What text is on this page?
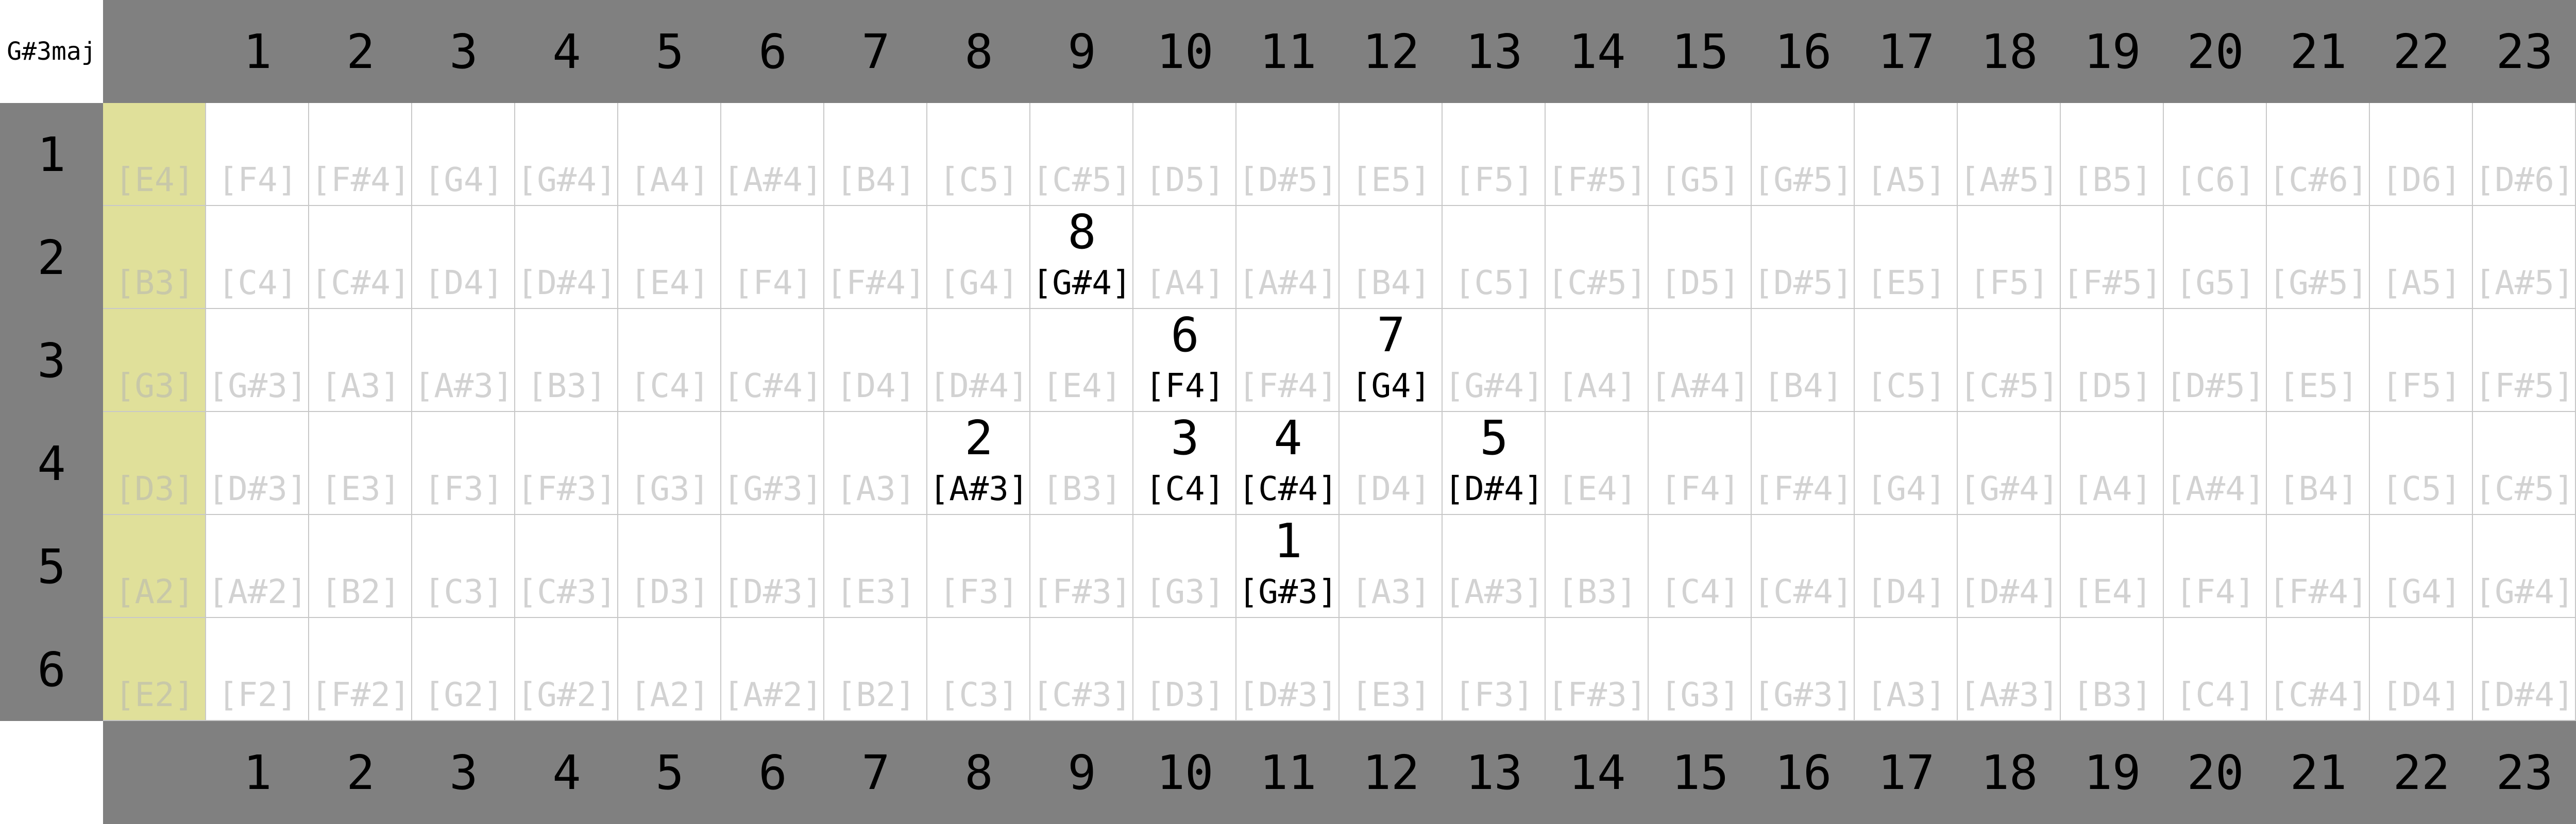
G#3maj	1
1
2
2
3
3
4
4
5
5
6
6
7
7
8
8
9
9
10
10
11
11
12
12
13
13
14
14
15
15
16
16
17
17
18
18
19
19
20
20
21
21
22
22
23
23
1
2
3
4
5
6
[E4] [F4] [F#4] [G4] [G#4] [A4] [A#4] [B4] [C5] [C#5] [D5] [D#5] [E5] [F5] [F#5] [G5] [G#5] [A5] [A#5] [B5] [C6] [C#6] [D6] [D#6]
[B3] [C4] [C#4] [D4] [D#4] [E4] [F4] [F#4] [G4] [G#4]
8
[A4] [A#4] [B4] [C5] [C#5] [D5] [D#5] [E5] [F5] [F#5] [G5] [G#5] [A5] [A#5]
[G3] [G#3] [A3] [A#3] [B3] [C4] [C#4] [D4] [D#4] [E4] [F4]
6
[F#4] [G4]
7
[G#4] [A4] [A#4] [B4] [C5] [C#5] [D5] [D#5] [E5] [F5] [F#5]
[D3] [D#3] [E3] [F3] [F#3] [G3] [G#3] [A3] [A#3]
2
[B3] [C4]
3
[C#4]
4
[D4] [D#4]
5
[E4] [F4] [F#4] [G4] [G#4] [A4] [A#4] [B4] [C5] [C#5]
[A2] [A#2] [B2] [C3] [C#3] [D3] [D#3] [E3] [F3] [F#3] [G3] [G#3]
1
[A3] [A#3] [B3] [C4] [C#4] [D4] [D#4] [E4] [F4] [F#4] [G4] [G#4]
[E2] [F2] [F#2] [G2] [G#2] [A2] [A#2] [B2] [C3] [C#3] [D3] [D#3] [E3] [F3] [F#3] [G3] [G#3] [A3] [A#3] [B3] [C4] [C#4] [D4] [D#4]
